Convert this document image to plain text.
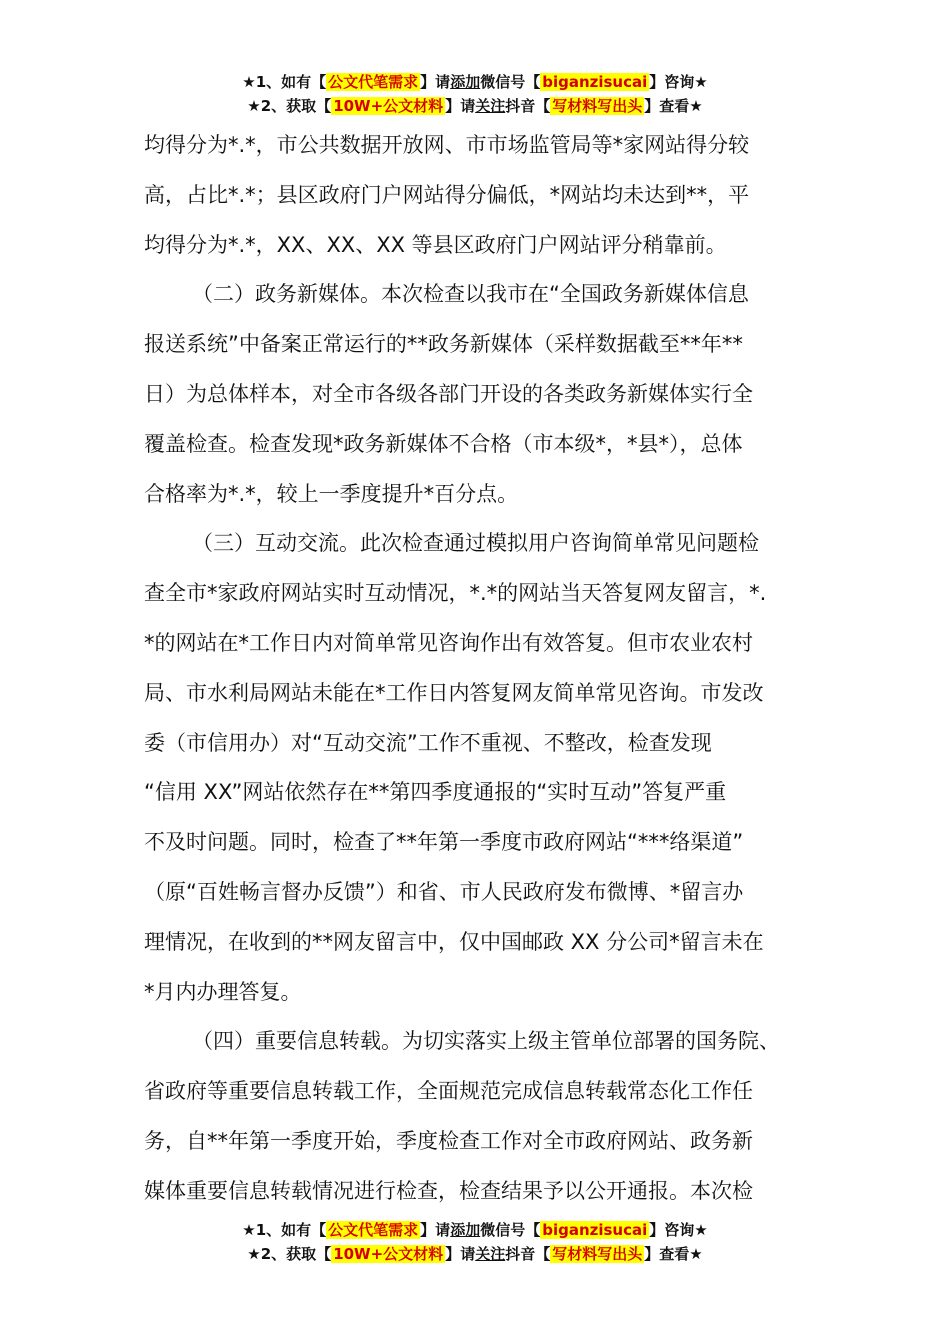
★1、如有【 公文代笔需求 】请添加微信号【 biganzisucai 】咨询★
★2、获取【 10W+公文材料 】请关注抖音【 写材料写出头 】查看★

均得分为*.*，市公共数据开放网、市市场监管局等*家网站得分较
高，占比*.*；县区政府门户网站得分偏低，*网站均未达到**，平
均得分为*.*，XX、XX、XX 等县区政府门户网站评分稍靠前。

（二）政务新媒体。本次检查以我市在“全国政务新媒体信息
报送系统”中备案正常运行的**政务新媒体（采样数据截至**年**
日）为总体样本，对全市各级各部门开设的各类政务新媒体实行全
覆盖检查。检查发现*政务新媒体不合格（市本级*，*县*），总体
合格率为*.*，较上一季度提升*百分点。

（三）互动交流。此次检查通过模拟用户咨询简单常见问题检
查全市*家政府网站实时互动情况，*.*的网站当天答复网友留言，*.
*的网站在*工作日内对简单常见咨询作出有效答复。但市农业农村
局、市水利局网站未能在*工作日内答复网友简单常见咨询。市发改
委（市信用办）对“互动交流”工作不重视、不整改，检查发现
“信用 XX”网站依然存在**第四季度通报的“实时互动”答复严重
不及时问题。同时，检查了**年第一季度市政府网站“***络渠道”
（原“百姓畅言督办反馈”）和省、市人民政府发布微博、*留言办
理情况，在收到的**网友留言中，仅中国邮政 XX 分公司*留言未在
*月内办理答复。

（四）重要信息转载。为切实落实上级主管单位部署的国务院、
省政府等重要信息转载工作，全面规范完成信息转载常态化工作任
务，自**年第一季度开始，季度检查工作对全市政府网站、政务新
媒体重要信息转载情况进行检查，检查结果予以公开通报。本次检

★1、如有【 公文代笔需求 】请添加微信号【 biganzisucai 】咨询★
★2、获取【 10W+公文材料 】请关注抖音【 写材料写出头 】查看★
